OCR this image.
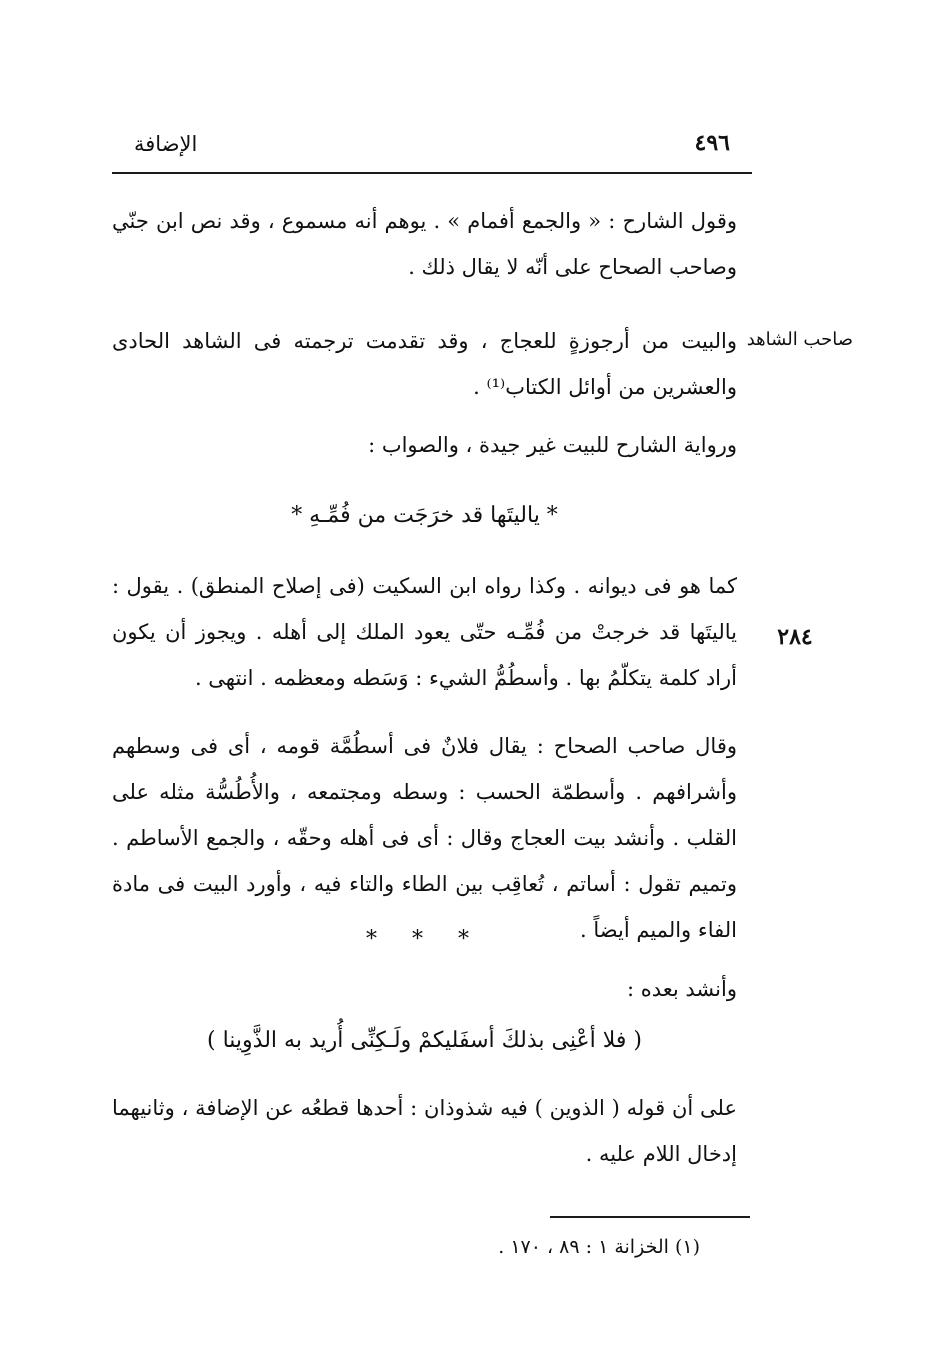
الإضافة	٤٩٦
صاحب الشاهد
٢٨٤
وقول الشارح : « والجمع أفمام » . يوهم أنه مسموع ، وقد نص ابن جنّي وصاحب الصحاح على أنّه لا يقال ذلك .
والبيت من أرجوزةٍ للعجاج ، وقد تقدمت ترجمته فى الشاهد الحادى والعشرين من أوائل الكتاب⁽¹⁾ .
ورواية الشارح للبيت غير جيدة ، والصواب :
* ياليتَها قد خرَجَت من فُمِّـهِ *
كما هو فى ديوانه . وكذا رواه ابن السكيت (فى إصلاح المنطق) . يقول : ياليتَها قد خرجتْ من فُمِّـه حتّى يعود الملك إلى أهله . ويجوز أن يكون أراد كلمة يتكلّمُ بها . وأسطُمُّ الشيء : وَسَطه ومعظمه . انتهى .
وقال صاحب الصحاح : يقال فلانٌ فى أسطُمَّة قومه ، أى فى وسطهم وأشرافهم . وأسطمّة الحسب : وسطه ومجتمعه ، والأُطُسُّة مثله على القلب . وأنشد بيت العجاج وقال : أى فى أهله وحقّه ، والجمع الأساطم . وتميم تقول : أساتم ، تُعاقِب بين الطاء والتاء فيه ، وأورد البيت فى مادة الفاء والميم أيضاً .
* * *
وأنشد بعده :
( فلا أعْنِى بذلكَ أسفَليكمْ ولَـكِنِّى أُريد به الذَّوِينا )
على أن قوله ( الذوين ) فيه شذوذان : أحدها قطعُه عن الإضافة ، وثانيهما إدخال اللام عليه .
(١) الخزانة ١ : ٨٩ ، ١٧٠ .
